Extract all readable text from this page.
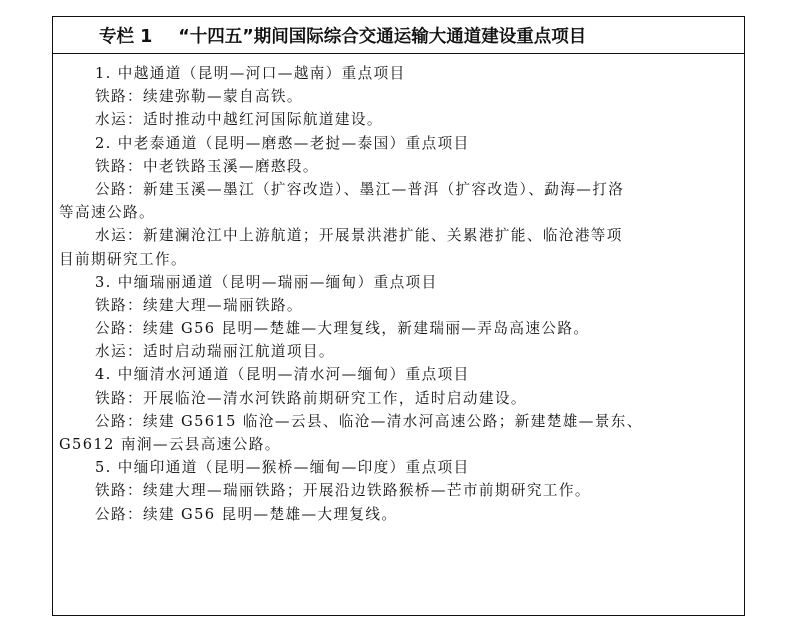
专栏 1 “十四五”期间国际综合交通运输大通道建设重点项目
1. 中越通道（昆明—河口—越南）重点项目
铁路：续建弥勒—蒙自高铁。
水运：适时推动中越红河国际航道建设。
2. 中老泰通道（昆明—磨憨—老挝—泰国）重点项目
铁路：中老铁路玉溪—磨憨段。
公路：新建玉溪—墨江（扩容改造）、墨江—普洱（扩容改造）、勐海—打洛
等高速公路。
水运：新建澜沧江中上游航道；开展景洪港扩能、关累港扩能、临沧港等项
目前期研究工作。
3. 中缅瑞丽通道（昆明—瑞丽—缅甸）重点项目
铁路：续建大理—瑞丽铁路。
公路：续建 G56 昆明—楚雄—大理复线，新建瑞丽—弄岛高速公路。
水运：适时启动瑞丽江航道项目。
4. 中缅清水河通道（昆明—清水河—缅甸）重点项目
铁路：开展临沧—清水河铁路前期研究工作，适时启动建设。
公路：续建 G5615 临沧—云县、临沧—清水河高速公路；新建楚雄—景东、
G5612 南涧—云县高速公路。
5. 中缅印通道（昆明—猴桥—缅甸—印度）重点项目
铁路：续建大理—瑞丽铁路；开展沿边铁路猴桥—芒市前期研究工作。
公路：续建 G56 昆明—楚雄—大理复线。
